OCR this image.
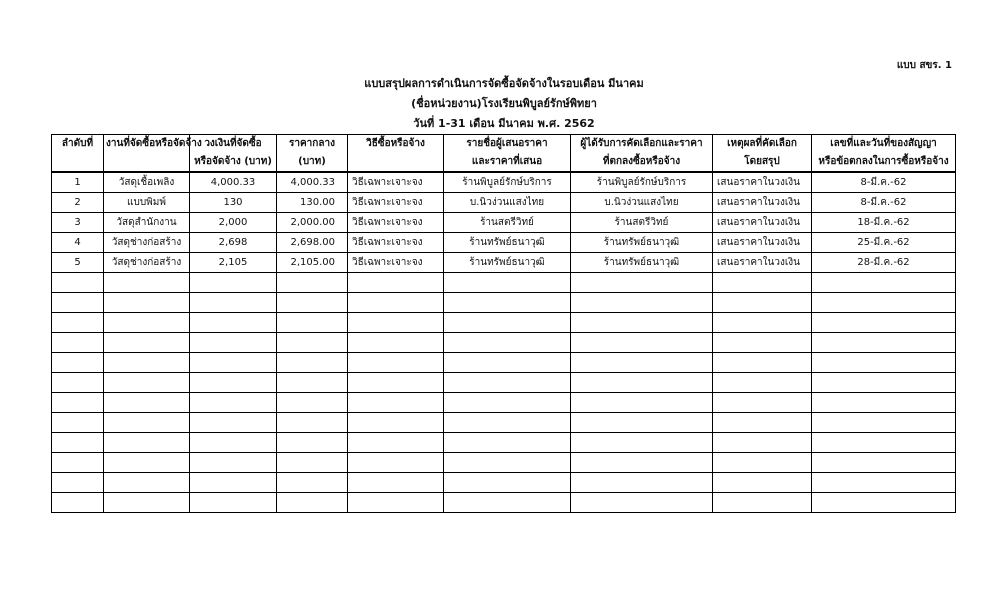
แบบ สขร. 1
แบบสรุปผลการดำเนินการจัดซื้อจัดจ้างในรอบเดือน มีนาคม
(ชื่อหน่วยงาน)โรงเรียนพิบูลย์รักษ์พิทยา
วันที่ 1-31 เดือน มีนาคม พ.ศ. 2562
ลำดับที่	งานที่จัดซื้อหรือจัดจ้าง	วงเงินที่จัดซื้อ	ราคากลาง	วิธีซื้อหรือจ้าง	รายชื่อผู้เสนอราคา	ผู้ได้รับการคัดเลือกและราคา	เหตุผลที่คัดเลือก	เลขที่และวันที่ของสัญญา
		หรือจัดจ้าง (บาท)	(บาท)		และราคาที่เสนอ	ที่ตกลงซื้อหรือจ้าง	โดยสรุป	หรือข้อตกลงในการซื้อหรือจ้าง
1	วัสดุเชื้อเพลิง	4,000.33	4,000.33	วิธีเฉพาะเจาะจง	ร้านพิบูลย์รักษ์บริการ	ร้านพิบูลย์รักษ์บริการ	เสนอราคาในวงเงิน	8-มี.ค.-62
2	แบบพิมพ์	130	130.00	วิธีเฉพาะเจาะจง	บ.นิวง่วนแสงไทย	บ.นิวง่วนแสงไทย	เสนอราคาในวงเงิน	8-มี.ค.-62
3	วัสดุสำนักงาน	2,000	2,000.00	วิธีเฉพาะเจาะจง	ร้านสตรีวิทย์	ร้านสตรีวิทย์	เสนอราคาในวงเงิน	18-มี.ค.-62
4	วัสดุช่างก่อสร้าง	2,698	2,698.00	วิธีเฉพาะเจาะจง	ร้านทรัพย์ธนาวุฒิ	ร้านทรัพย์ธนาวุฒิ	เสนอราคาในวงเงิน	25-มี.ค.-62
5	วัสดุช่างก่อสร้าง	2,105	2,105.00	วิธีเฉพาะเจาะจง	ร้านทรัพย์ธนาวุฒิ	ร้านทรัพย์ธนาวุฒิ	เสนอราคาในวงเงิน	28-มี.ค.-62
